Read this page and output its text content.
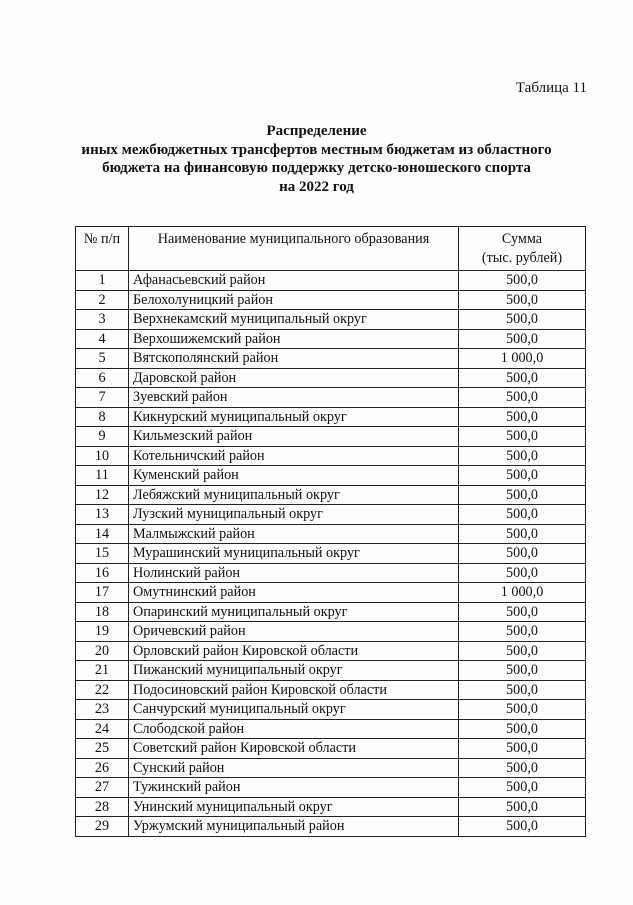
Таблица 11
Распределение
иных межбюджетных трансфертов местным бюджетам из областного
бюджета на финансовую поддержку детско-юношеского спорта
на 2022 год
№ п/п	Наименование муниципального образования	Сумма
(тыс. рублей)

1	Афанасьевский район	500,0
2	Белохолуницкий район	500,0
3	Верхнекамский муниципальный округ	500,0
4	Верхошижемский район	500,0
5	Вятскополянский район	1 000,0
6	Даровской район	500,0
7	Зуевский район	500,0
8	Кикнурский муниципальный округ	500,0
9	Кильмезский район	500,0
10	Котельничский район	500,0
11	Куменский район	500,0
12	Лебяжский муниципальный округ	500,0
13	Лузский муниципальный округ	500,0
14	Малмыжский район	500,0
15	Мурашинский муниципальный округ	500,0
16	Нолинский район	500,0
17	Омутнинский район	1 000,0
18	Опаринский муниципальный округ	500,0
19	Оричевский район	500,0
20	Орловский район Кировской области	500,0
21	Пижанский муниципальный округ	500,0
22	Подосиновский район Кировской области	500,0
23	Санчурский муниципальный округ	500,0
24	Слободской район	500,0
25	Советский район Кировской области	500,0
26	Сунский район	500,0
27	Тужинский район	500,0
28	Унинский муниципальный округ	500,0
29	Уржумский муниципальный район	500,0
